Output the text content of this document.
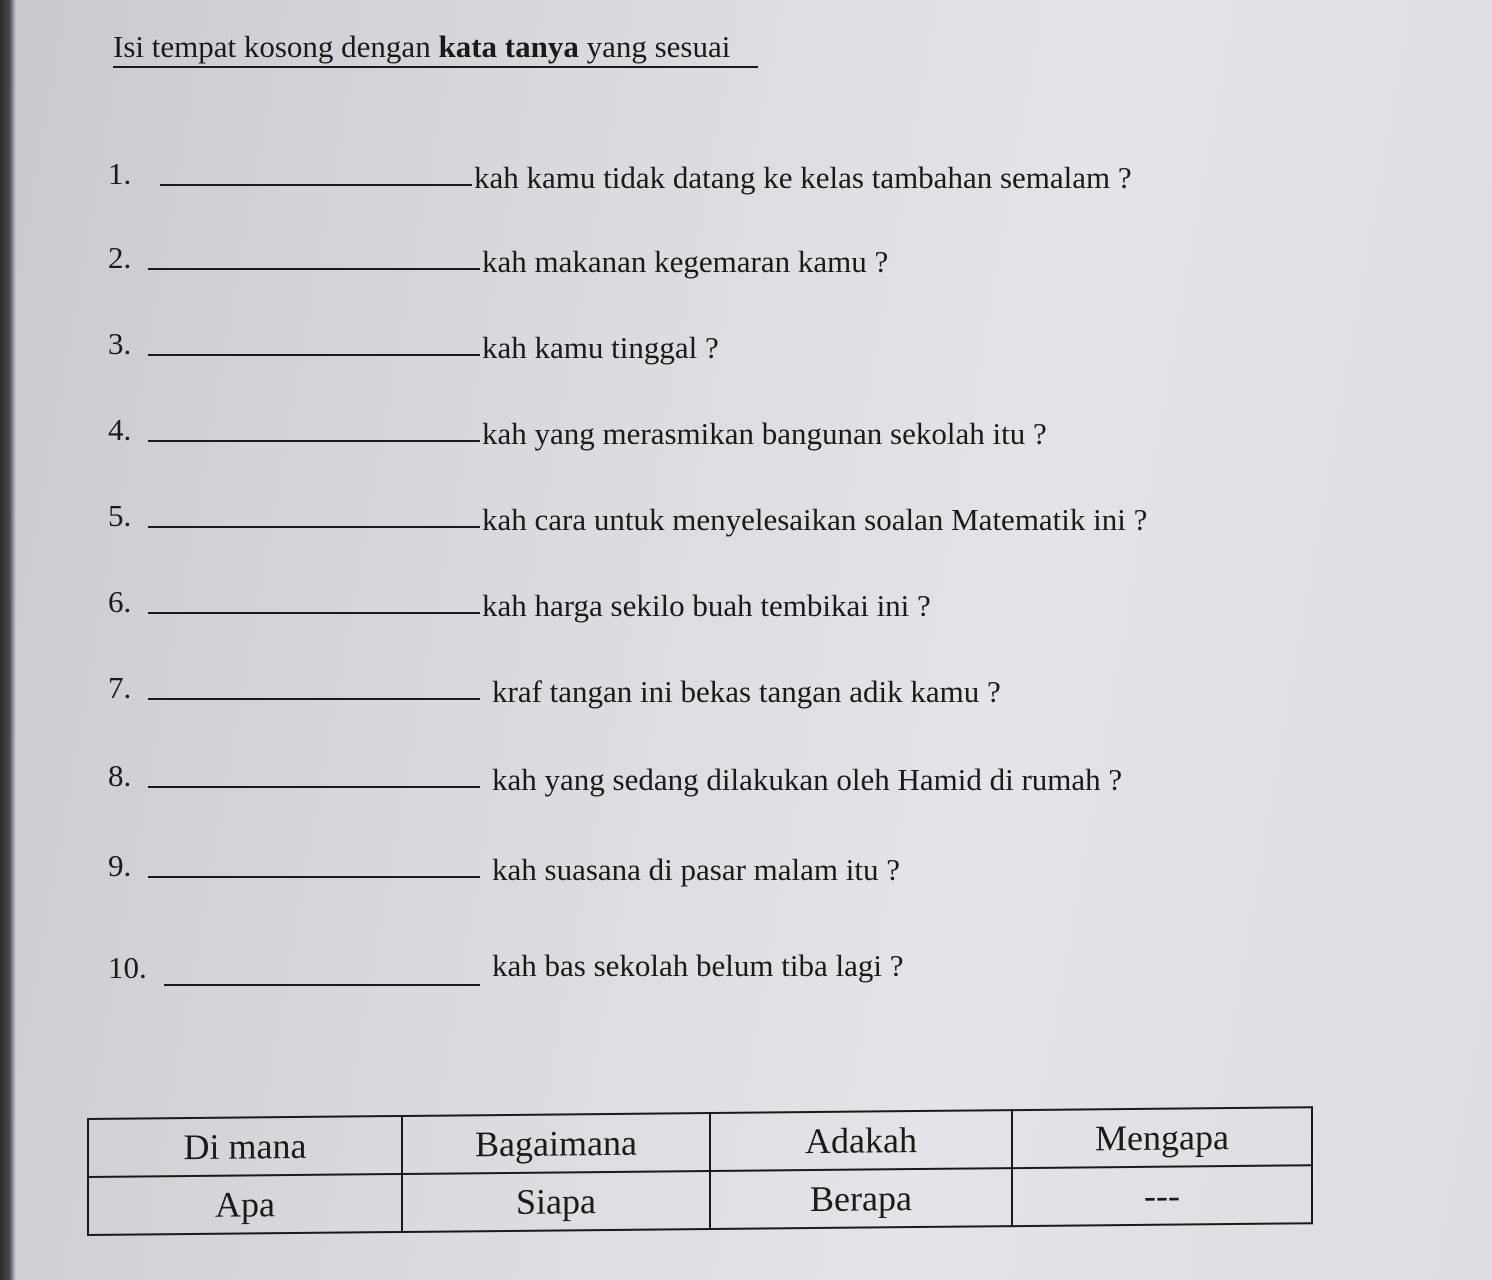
Isi tempat kosong dengan kata tanya yang sesuai
1.	kah kamu tidak datang ke kelas tambahan semalam ?
2.	kah makanan kegemaran kamu ?
3.	kah kamu tinggal ?
4.	kah yang merasmikan bangunan sekolah itu ?
5.	kah cara untuk menyelesaikan soalan Matematik ini ?
6.	kah harga sekilo buah tembikai ini ?
7.	kraf tangan ini bekas tangan adik kamu ?
8.	kah yang sedang dilakukan oleh Hamid di rumah ?
9.	kah suasana di pasar malam itu ?
10.	kah bas sekolah belum tiba lagi ?
Di mana	Bagaimana	Adakah	Mengapa
Apa	Siapa	Berapa	---
